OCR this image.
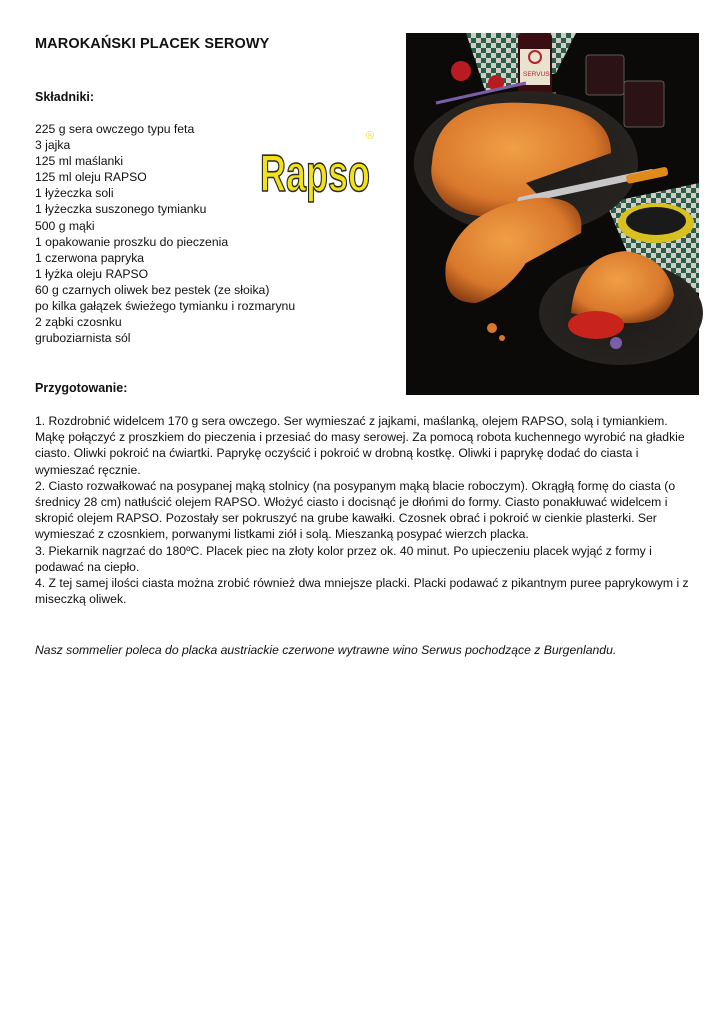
MAROKAŃSKI PLACEK SEROWY
Składniki:
225 g sera owczego typu feta
3 jajka
125 ml maślanki
125 ml oleju RAPSO
1 łyżeczka soli
1 łyżeczka suszonego tymianku
500 g mąki
1 opakowanie proszku do pieczenia
1 czerwona papryka
1 łyżka oleju RAPSO
60 g czarnych oliwek bez pestek (ze słoika)
po kilka gałązek świeżego tymianku i rozmarynu
2 ząbki czosnku
gruboziarnista sól
Rapso
®
Przygotowanie:
1. Rozdrobnić widelcem 170 g sera owczego. Ser wymieszać z jajkami, maślanką, olejem RAPSO, solą i tymiankiem. Mąkę połączyć z proszkiem do pieczenia i przesiać do masy serowej. Za pomocą robota kuchennego wyrobić na gładkie ciasto. Oliwki pokroić na ćwiartki. Paprykę oczyścić i pokroić w drobną kostkę. Oliwki i paprykę dodać do ciasta i wymieszać ręcznie.
2. Ciasto rozwałkować na posypanej mąką stolnicy (na posypanym mąką blacie roboczym). Okrągłą formę do ciasta (o średnicy 28 cm) natłuścić olejem RAPSO. Włożyć ciasto i docisnąć je dłońmi do formy. Ciasto ponakłuwać widelcem i skropić olejem RAPSO. Pozostały ser pokruszyć na grube kawałki. Czosnek obrać i pokroić w cienkie plasterki. Ser wymieszać z czosnkiem, porwanymi listkami ziół i solą. Mieszanką posypać wierzch placka.
3. Piekarnik nagrzać do 180ºC. Placek piec na złoty kolor przez ok. 40 minut. Po upieczeniu placek wyjąć z formy i podawać na ciepło.
4. Z tej samej ilości ciasta można zrobić również dwa mniejsze placki. Placki podawać z pikantnym puree paprykowym i z miseczką oliwek.
Nasz sommelier poleca do placka austriackie czerwone wytrawne wino Serwus pochodzące z Burgenlandu.
SERVUS
